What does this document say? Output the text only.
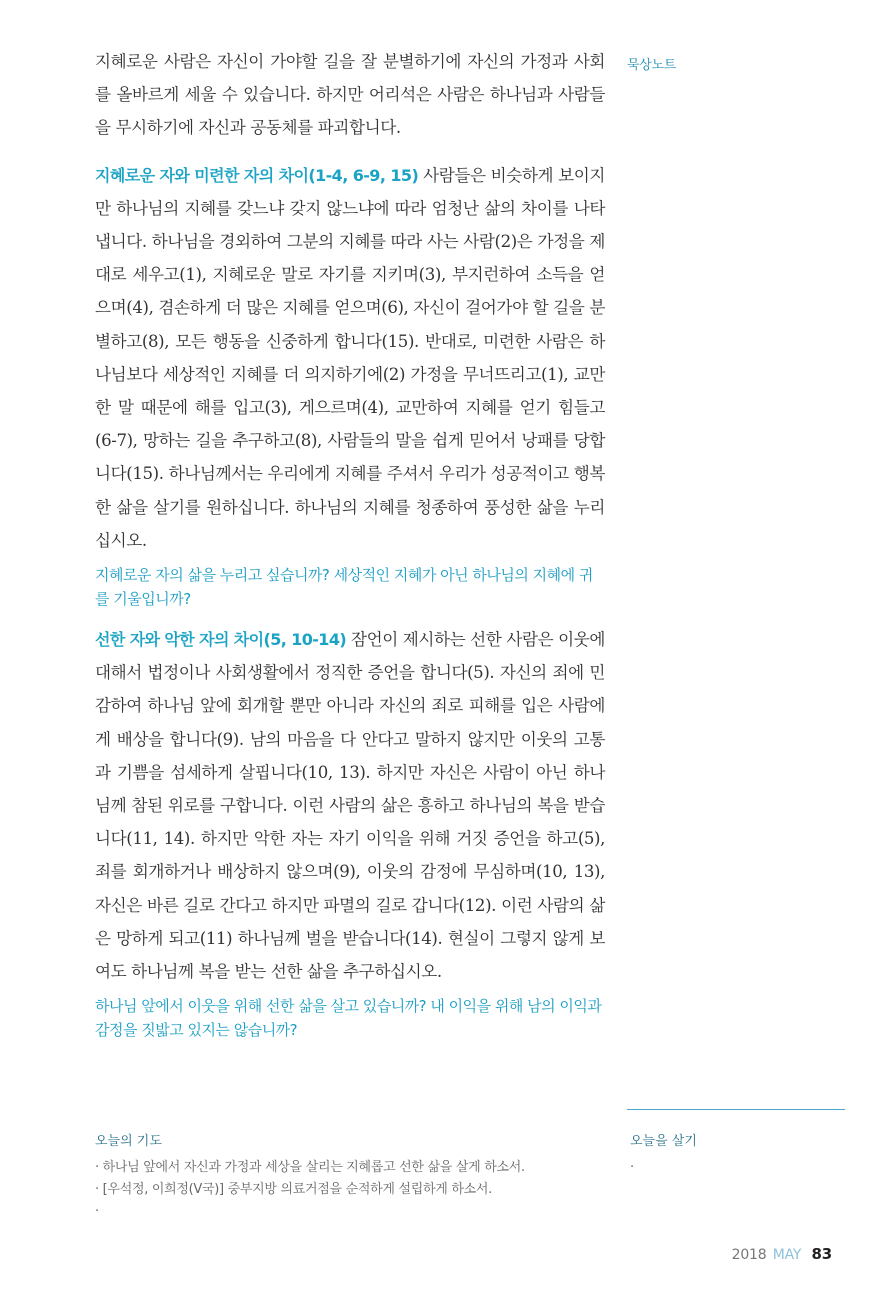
지혜로운 사람은 자신이 가야할 길을 잘 분별하기에 자신의 가정과 사회를 올바르게 세울 수 있습니다. 하지만 어리석은 사람은 하나님과 사람들을 무시하기에 자신과 공동체를 파괴합니다.

지혜로운 자와 미련한 자의 차이(1-4, 6-9, 15) 사람들은 비슷하게 보이지만 하나님의 지혜를 갖느냐 갖지 않느냐에 따라 엄청난 삶의 차이를 나타냅니다. 하나님을 경외하여 그분의 지혜를 따라 사는 사람(2)은 가정을 제대로 세우고(1), 지혜로운 말로 자기를 지키며(3), 부지런하여 소득을 얻으며(4), 겸손하게 더 많은 지혜를 얻으며(6), 자신이 걸어가야 할 길을 분별하고(8), 모든 행동을 신중하게 합니다(15). 반대로, 미련한 사람은 하나님보다 세상적인 지혜를 더 의지하기에(2) 가정을 무너뜨리고(1), 교만한 말 때문에 해를 입고(3), 게으르며(4), 교만하여 지혜를 얻기 힘들고(6-7), 망하는 길을 추구하고(8), 사람들의 말을 쉽게 믿어서 낭패를 당합니다(15). 하나님께서는 우리에게 지혜를 주셔서 우리가 성공적이고 행복한 삶을 살기를 원하십니다. 하나님의 지혜를 청종하여 풍성한 삶을 누리십시오.

지혜로운 자의 삶을 누리고 싶습니까? 세상적인 지혜가 아닌 하나님의 지혜에 귀를 기울입니까?

선한 자와 악한 자의 차이(5, 10-14) 잠언이 제시하는 선한 사람은 이웃에 대해서 법정이나 사회생활에서 정직한 증언을 합니다(5). 자신의 죄에 민감하여 하나님 앞에 회개할 뿐만 아니라 자신의 죄로 피해를 입은 사람에게 배상을 합니다(9). 남의 마음을 다 안다고 말하지 않지만 이웃의 고통과 기쁨을 섬세하게 살핍니다(10, 13). 하지만 자신은 사람이 아닌 하나님께 참된 위로를 구합니다. 이런 사람의 삶은 흥하고 하나님의 복을 받습니다(11, 14). 하지만 악한 자는 자기 이익을 위해 거짓 증언을 하고(5), 죄를 회개하거나 배상하지 않으며(9), 이웃의 감정에 무심하며(10, 13), 자신은 바른 길로 간다고 하지만 파멸의 길로 갑니다(12). 이런 사람의 삶은 망하게 되고(11) 하나님께 벌을 받습니다(14). 현실이 그렇지 않게 보여도 하나님께 복을 받는 선한 삶을 추구하십시오.

하나님 앞에서 이웃을 위해 선한 삶을 살고 있습니까? 내 이익을 위해 남의 이익과 감정을 짓밟고 있지는 않습니까?

묵상노트
오늘의 기도
· 하나님 앞에서 자신과 가정과 세상을 살리는 지혜롭고 선한 삶을 살게 하소서.
· [우석정, 이희정(V국)] 중부지방 의료거점을 순적하게 설립하게 하소서.
·
오늘을 살기
·
2018 MAY 83
